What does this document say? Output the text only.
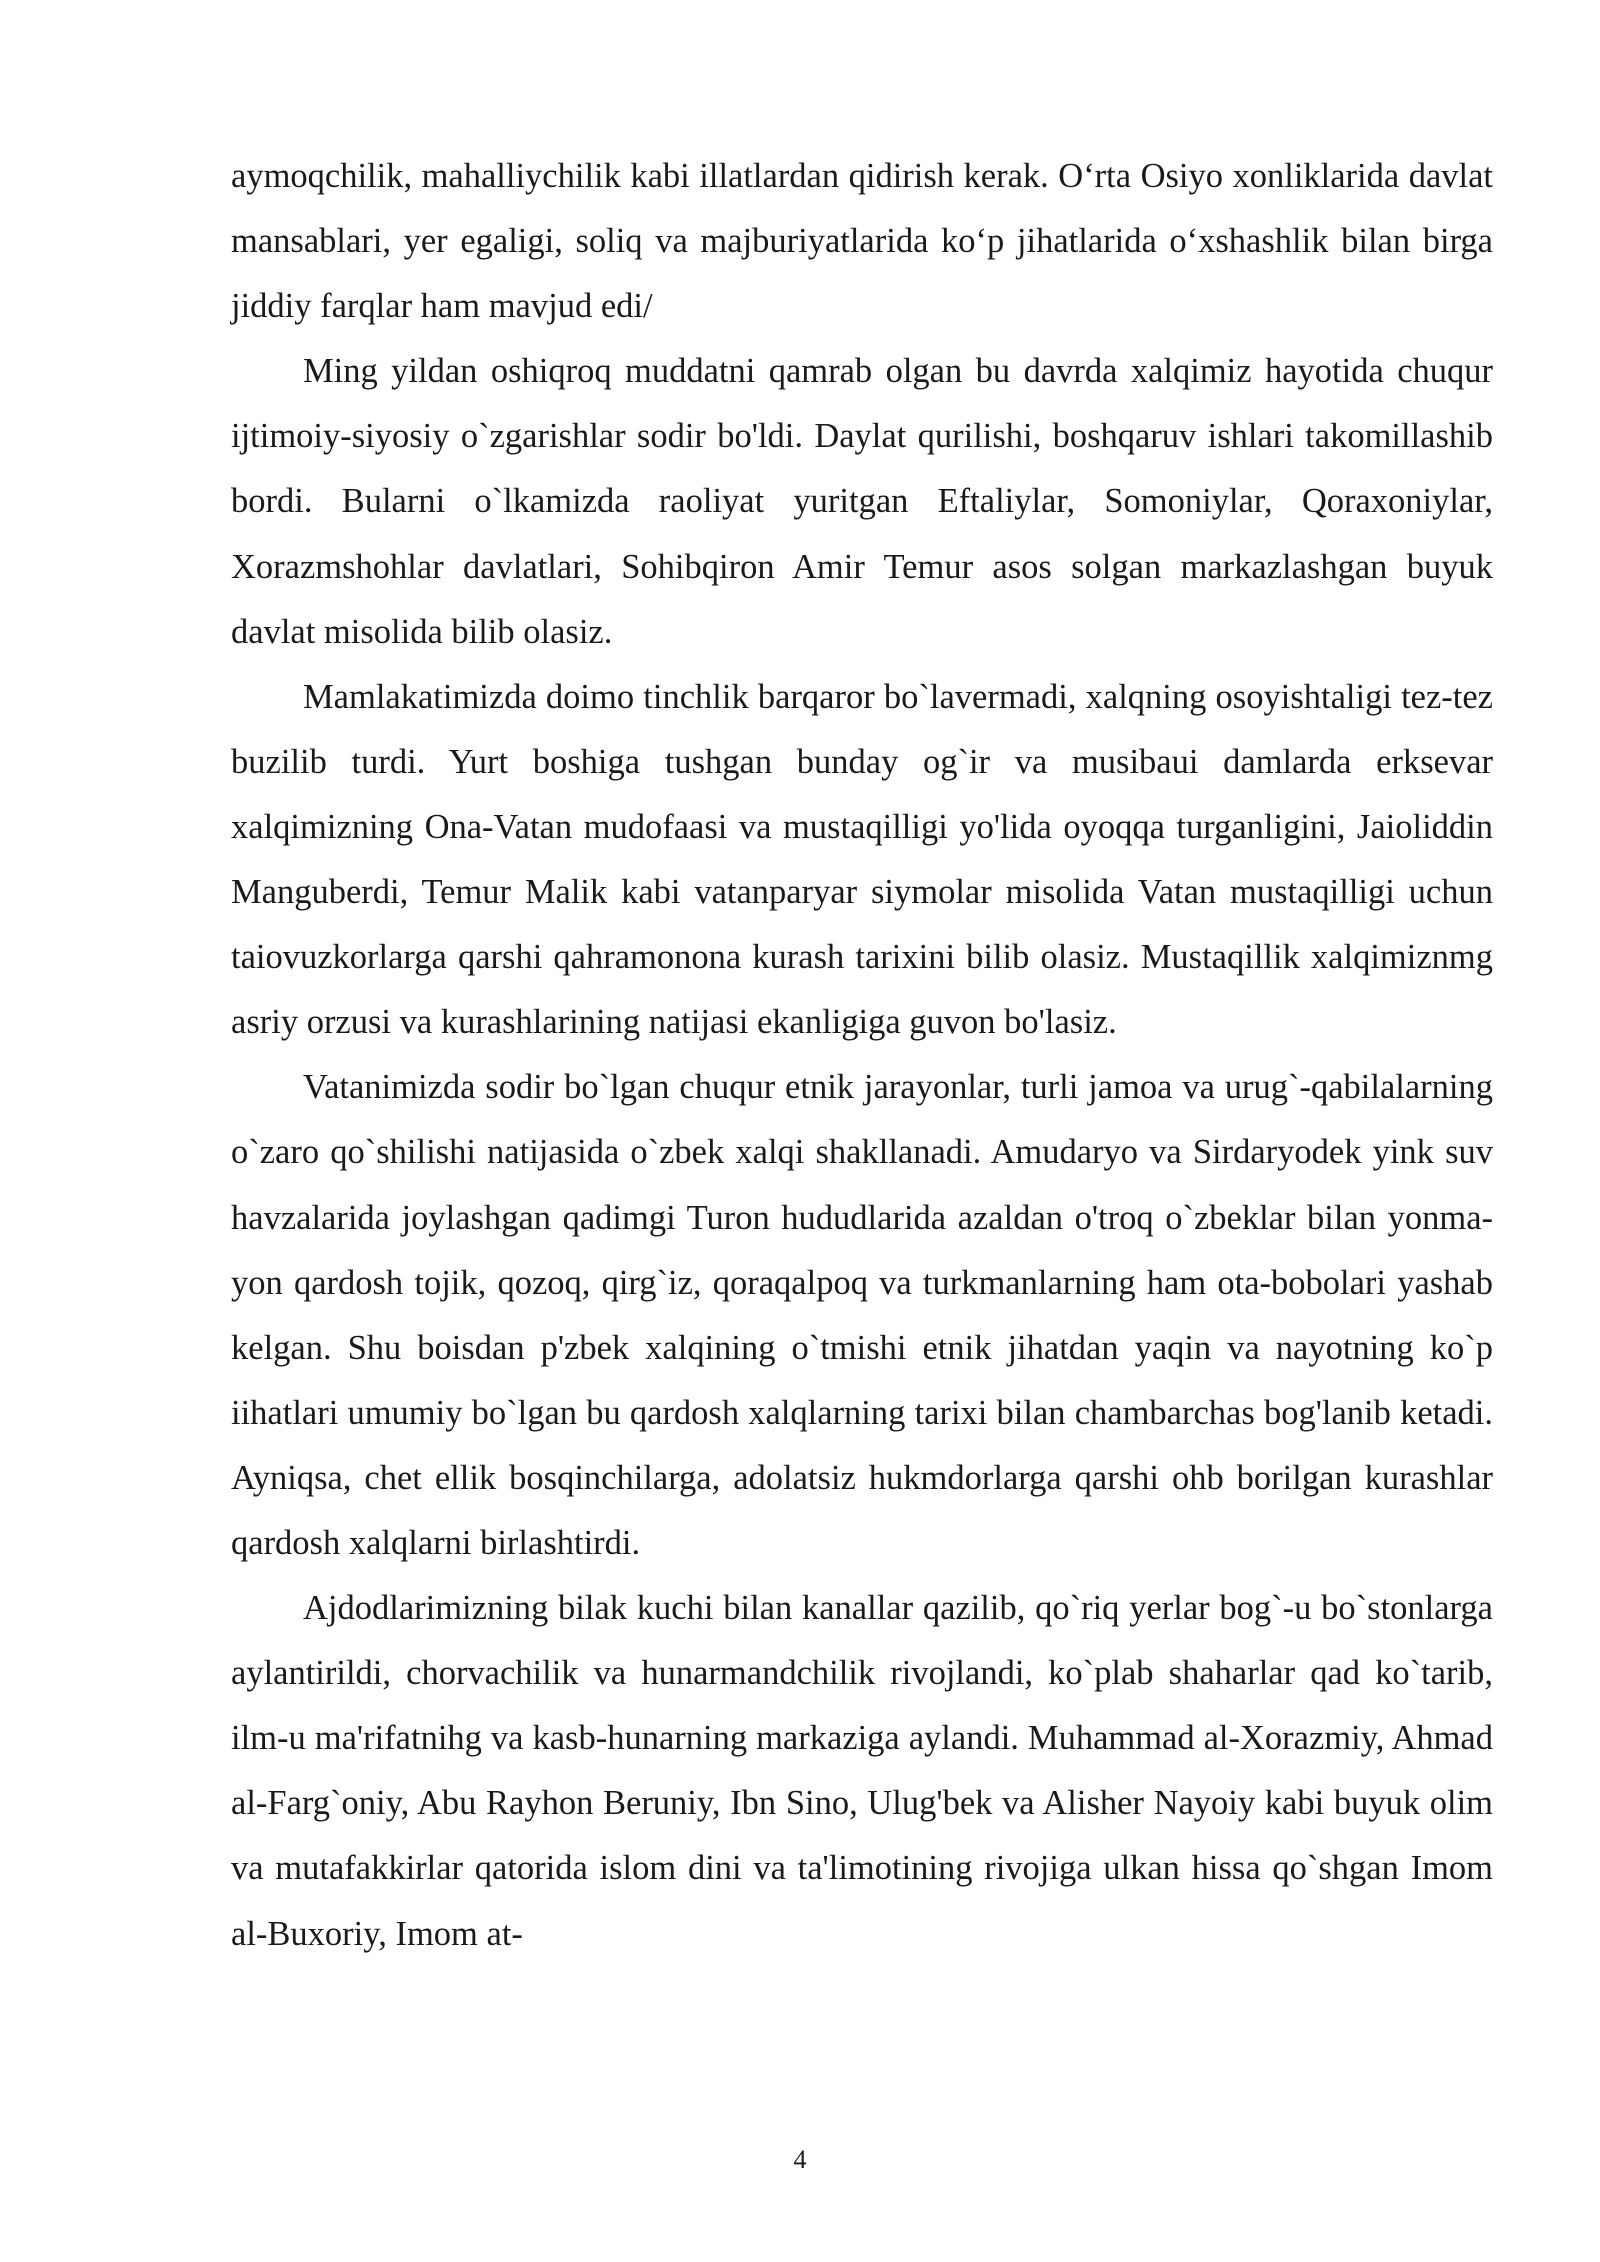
aymoqchilik, mahalliychilik kabi illatlardan qidirish kerak. O‘rta Osiyo xonliklarida davlat mansablari, yer egaligi, soliq va majburiyatlarida ko‘p jihatlarida o‘xshashlik bilan birga jiddiy farqlar ham mavjud edi/

Ming yildan oshiqroq muddatni qamrab olgan bu davrda xalqimiz hayotida chuqur ijtimoiy-siyosiy o`zgarishlar sodir bo'ldi. Daylat qurilishi, boshqaruv ishlari takomillashib bordi. Bularni o`lkamizda raoliyat yuritgan Eftaliylar, Somoniylar, Qoraxoniylar, Xorazmshohlar davlatlari, Sohibqiron Amir Temur asos solgan markazlashgan buyuk davlat misolida bilib olasiz.

Mamlakatimizda doimo tinchlik barqaror bo`lavermadi, xalqning osoyishtaligi tez-tez buzilib turdi. Yurt boshiga tushgan bunday og`ir va musibaui damlarda erksevar xalqimizning Ona-Vatan mudofaasi va mustaqilligi yo'lida oyoqqa turganligini, Jaioliddin Manguberdi, Temur Malik kabi vatanparyar siymolar misolida Vatan mustaqilligi uchun taiovuzkorlarga qarshi qahramonona kurash tarixini bilib olasiz. Mustaqillik xalqimiznmg asriy orzusi va kurashlarining natijasi ekanligiga guvon bo'lasiz.

Vatanimizda sodir bo`lgan chuqur etnik jarayonlar, turli jamoa va urug`-qabilalarning o`zaro qo`shilishi natijasida o`zbek xalqi shakllanadi. Amudaryo va Sirdaryodek yink suv havzalarida joylashgan qadimgi Turon hududlarida azaldan o'troq o`zbeklar bilan yonma-yon qardosh tojik, qozoq, qirg`iz, qoraqalpoq va turkmanlarning ham ota-bobolari yashab kelgan. Shu boisdan p'zbek xalqining o`tmishi etnik jihatdan yaqin va nayotning ko`p iihatlari umumiy bo`lgan bu qardosh xalqlarning tarixi bilan chambarchas bog'lanib ketadi. Ayniqsa, chet ellik bosqinchilarga, adolatsiz hukmdorlarga qarshi ohb borilgan kurashlar qardosh xalqlarni birlashtirdi.

Ajdodlarimizning bilak kuchi bilan kanallar qazilib, qo`riq yerlar bog`-u bo`stonlarga aylantirildi, chorvachilik va hunarmandchilik rivojlandi, ko`plab shaharlar qad ko`tarib, ilm-u ma'rifatnihg va kasb-hunarning markaziga aylandi. Muhammad al-Xorazmiy, Ahmad al-Farg`oniy, Abu Rayhon Beruniy, Ibn Sino, Ulug'bek va Alisher Nayoiy kabi buyuk olim va mutafakkirlar qatorida islom dini va ta'limotining rivojiga ulkan hissa qo`shgan Imom al-Buxoriy, Imom at-

4
